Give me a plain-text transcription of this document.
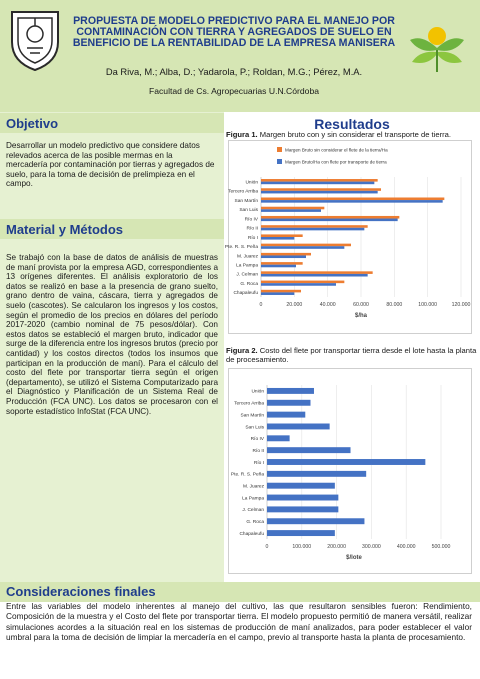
PROPUESTA DE MODELO PREDICTIVO PARA EL MANEJO POR
CONTAMINACIÓN CON TIERRA Y AGREGADOS DE SUELO EN
BENEFICIO DE LA RENTABILIDAD DE LA EMPRESA MANISERA
Da Riva, M.; Alba, D.; Yadarola, P.; Roldan, M.G.; Pérez, M.A.
Facultad de Cs. Agropecuarias U.N.Córdoba
Objetivo
Desarrollar un modelo predictivo que considere datos relevados acerca de las posible mermas en la mercadería por contaminación por tierras y agregados de suelo, para la toma de decisión de prelimpieza en el campo.
Material y Métodos
Se trabajó con la base de datos de análisis de muestras de maní provista por la empresa AGD, correspondientes a 13 orígenes diferentes. El análisis exploratorio de los datos se realizó en base a la presencia de grano suelto, grano dentro de vaina, cáscara, tierra y agregados de suelo (cascotes). Se calcularon los ingresos y los costos, según el promedio de los precios en dólares del período 2017-2020 (cambio nominal de 75 pesos/dólar). Con estos datos se estableció el margen bruto, indicador que surge de la diferencia entre los ingresos brutos (precio por cantidad) y los costos directos (todos los insumos que participan en la producción de maní). Para el cálculo del costo del flete por transportar tierra según el origen (departamento), se utilizó el Sistema Computarizado para el Diagnóstico y Planificación de un Sistema Real de Producción (FCA UNC). Los datos se procesaron con el soporte estadístico InfoStat (FCA UNC).
Resultados
Figura 1. Margen bruto con y sin considerar el transporte de tierra.
0	20.000	40.000	60.000	80.000	100.000	120.000
Unión
Tercero Arriba
San Martín
San Luis
Río IV
Río II
Río I
Pte. R. S. Peña
M. Juarez
La Pampa
J. Celman
G. Roca
Chapaleufu
$/ha
Margen Bruto sin considerar el flete de la tierra/Ha
Margen Bruto/Ha con flete por transporte de tierra
Figura 2. Costo del flete por transportar tierra desde el lote hasta la planta de procesamiento.
0	100.000	200.000	300.000	400.000	500.000
Unión
Tercero Arriba
San Martín
San Luis
Río IV
Río II
Río I
Pte. R. S. Peña
M. Juarez
La Pampa
J. Celman
G. Roca
Chapaleufu
$/lote
Consideraciones finales
Entre las variables del modelo inherentes al manejo del cultivo, las que resultaron sensibles fueron: Rendimiento, Composición de la muestra y el Costo del flete por transportar tierra. El modelo propuesto permitió de manera versátil, realizar simulaciones acordes a la situación real en los sistemas de producción de maní analizados, para poder establecer el valor umbral para la toma de decisión de limpiar la mercadería en el campo, previo al transporte hasta la planta de procesamiento.
